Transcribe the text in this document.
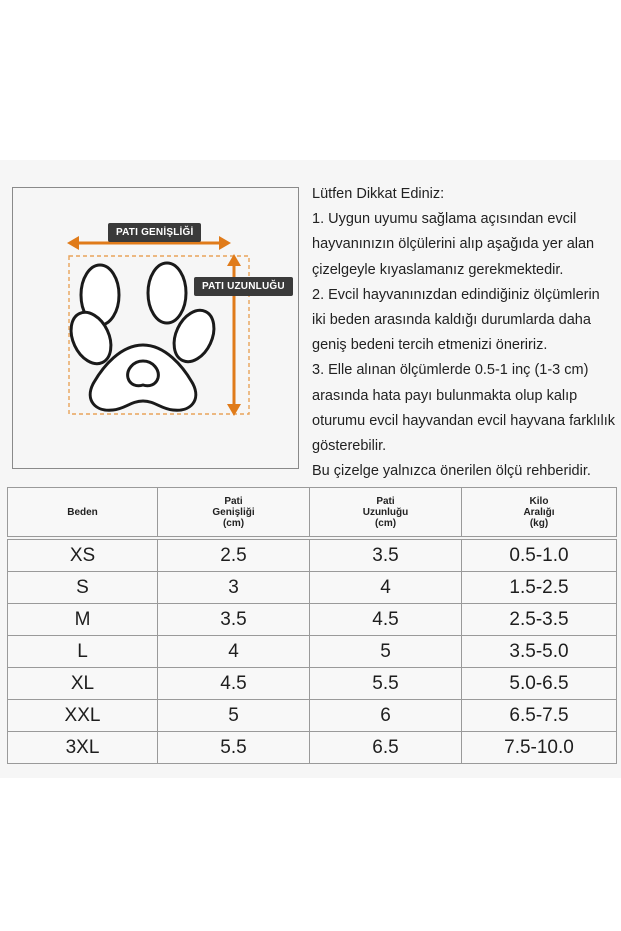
PATI GENİŞLİĞİ
PATI UZUNLUĞU

Lütfen Dikkat Ediniz:

1. Uygun uyumu sağlama açısından evcil hayvanınızın ölçülerini alıp aşağıda yer alan çizelgeyle kıyaslamanız gerekmektedir.

2. Evcil hayvanınızdan edindiğiniz ölçümlerin iki beden arasında kaldığı durumlarda daha geniş bedeni tercih etmenizi öneririz.

3. Elle alınan ölçümlerde 0.5-1 inç (1-3 cm) arasında hata payı bulunmakta olup kalıp oturumu evcil hayvandan evcil hayvana farklılık gösterebilir.

Bu çizelge yalnızca önerilen ölçü rehberidir.

Beden	Pati
Genişliği
(cm)	Pati
Uzunluğu
(cm)	Kilo
Aralığı
(kg)

XS	2.5	3.5	0.5-1.0
S	3	4	1.5-2.5
M	3.5	4.5	2.5-3.5
L	4	5	3.5-5.0
XL	4.5	5.5	5.0-6.5
XXL	5	6	6.5-7.5
3XL	5.5	6.5	7.5-10.0
